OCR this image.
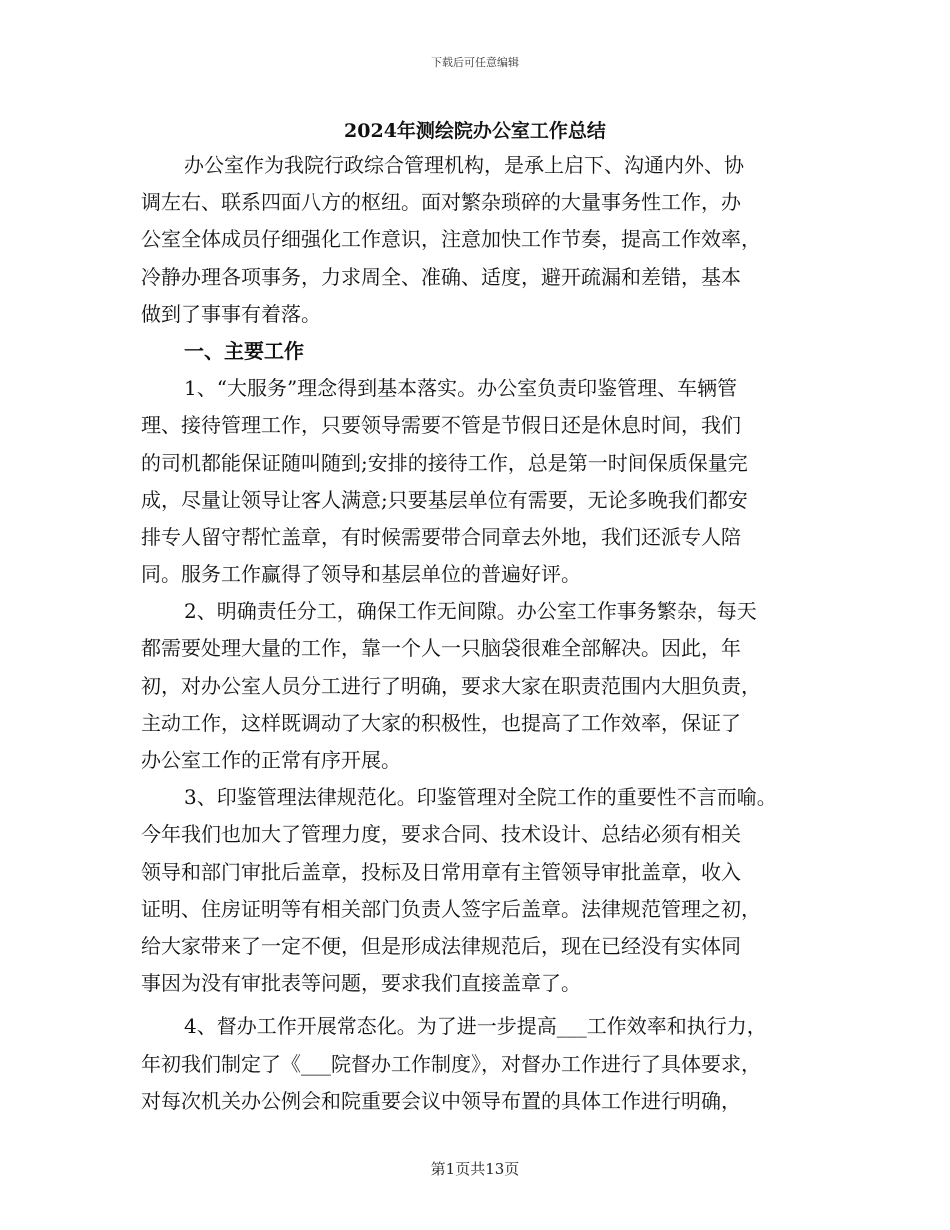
下载后可任意编辑
2024年测绘院办公室工作总结
办公室作为我院行政综合管理机构，是承上启下、沟通内外、协
调左右、联系四面八方的枢纽。面对繁杂琐碎的大量事务性工作，办
公室全体成员仔细强化工作意识，注意加快工作节奏，提高工作效率，
冷静办理各项事务，力求周全、准确、适度，避开疏漏和差错，基本
做到了事事有着落。
一、主要工作
1、“大服务”理念得到基本落实。办公室负责印鉴管理、车辆管
理、接待管理工作，只要领导需要不管是节假日还是休息时间，我们
的司机都能保证随叫随到;安排的接待工作，总是第一时间保质保量完
成，尽量让领导让客人满意;只要基层单位有需要，无论多晚我们都安
排专人留守帮忙盖章，有时候需要带合同章去外地，我们还派专人陪
同。服务工作赢得了领导和基层单位的普遍好评。
2、明确责任分工，确保工作无间隙。办公室工作事务繁杂，每天
都需要处理大量的工作，靠一个人一只脑袋很难全部解决。因此，年
初，对办公室人员分工进行了明确，要求大家在职责范围内大胆负责，
主动工作，这样既调动了大家的积极性，也提高了工作效率，保证了
办公室工作的正常有序开展。
3、印鉴管理法律规范化。印鉴管理对全院工作的重要性不言而喻。
今年我们也加大了管理力度，要求合同、技术设计、总结必须有相关
领导和部门审批后盖章，投标及日常用章有主管领导审批盖章，收入
证明、住房证明等有相关部门负责人签字后盖章。法律规范管理之初，
给大家带来了一定不便，但是形成法律规范后，现在已经没有实体同
事因为没有审批表等问题，要求我们直接盖章了。
4、督办工作开展常态化。为了进一步提高___工作效率和执行力，
年初我们制定了《___院督办工作制度》，对督办工作进行了具体要求，
对每次机关办公例会和院重要会议中领导布置的具体工作进行明确，
第1页共13页
